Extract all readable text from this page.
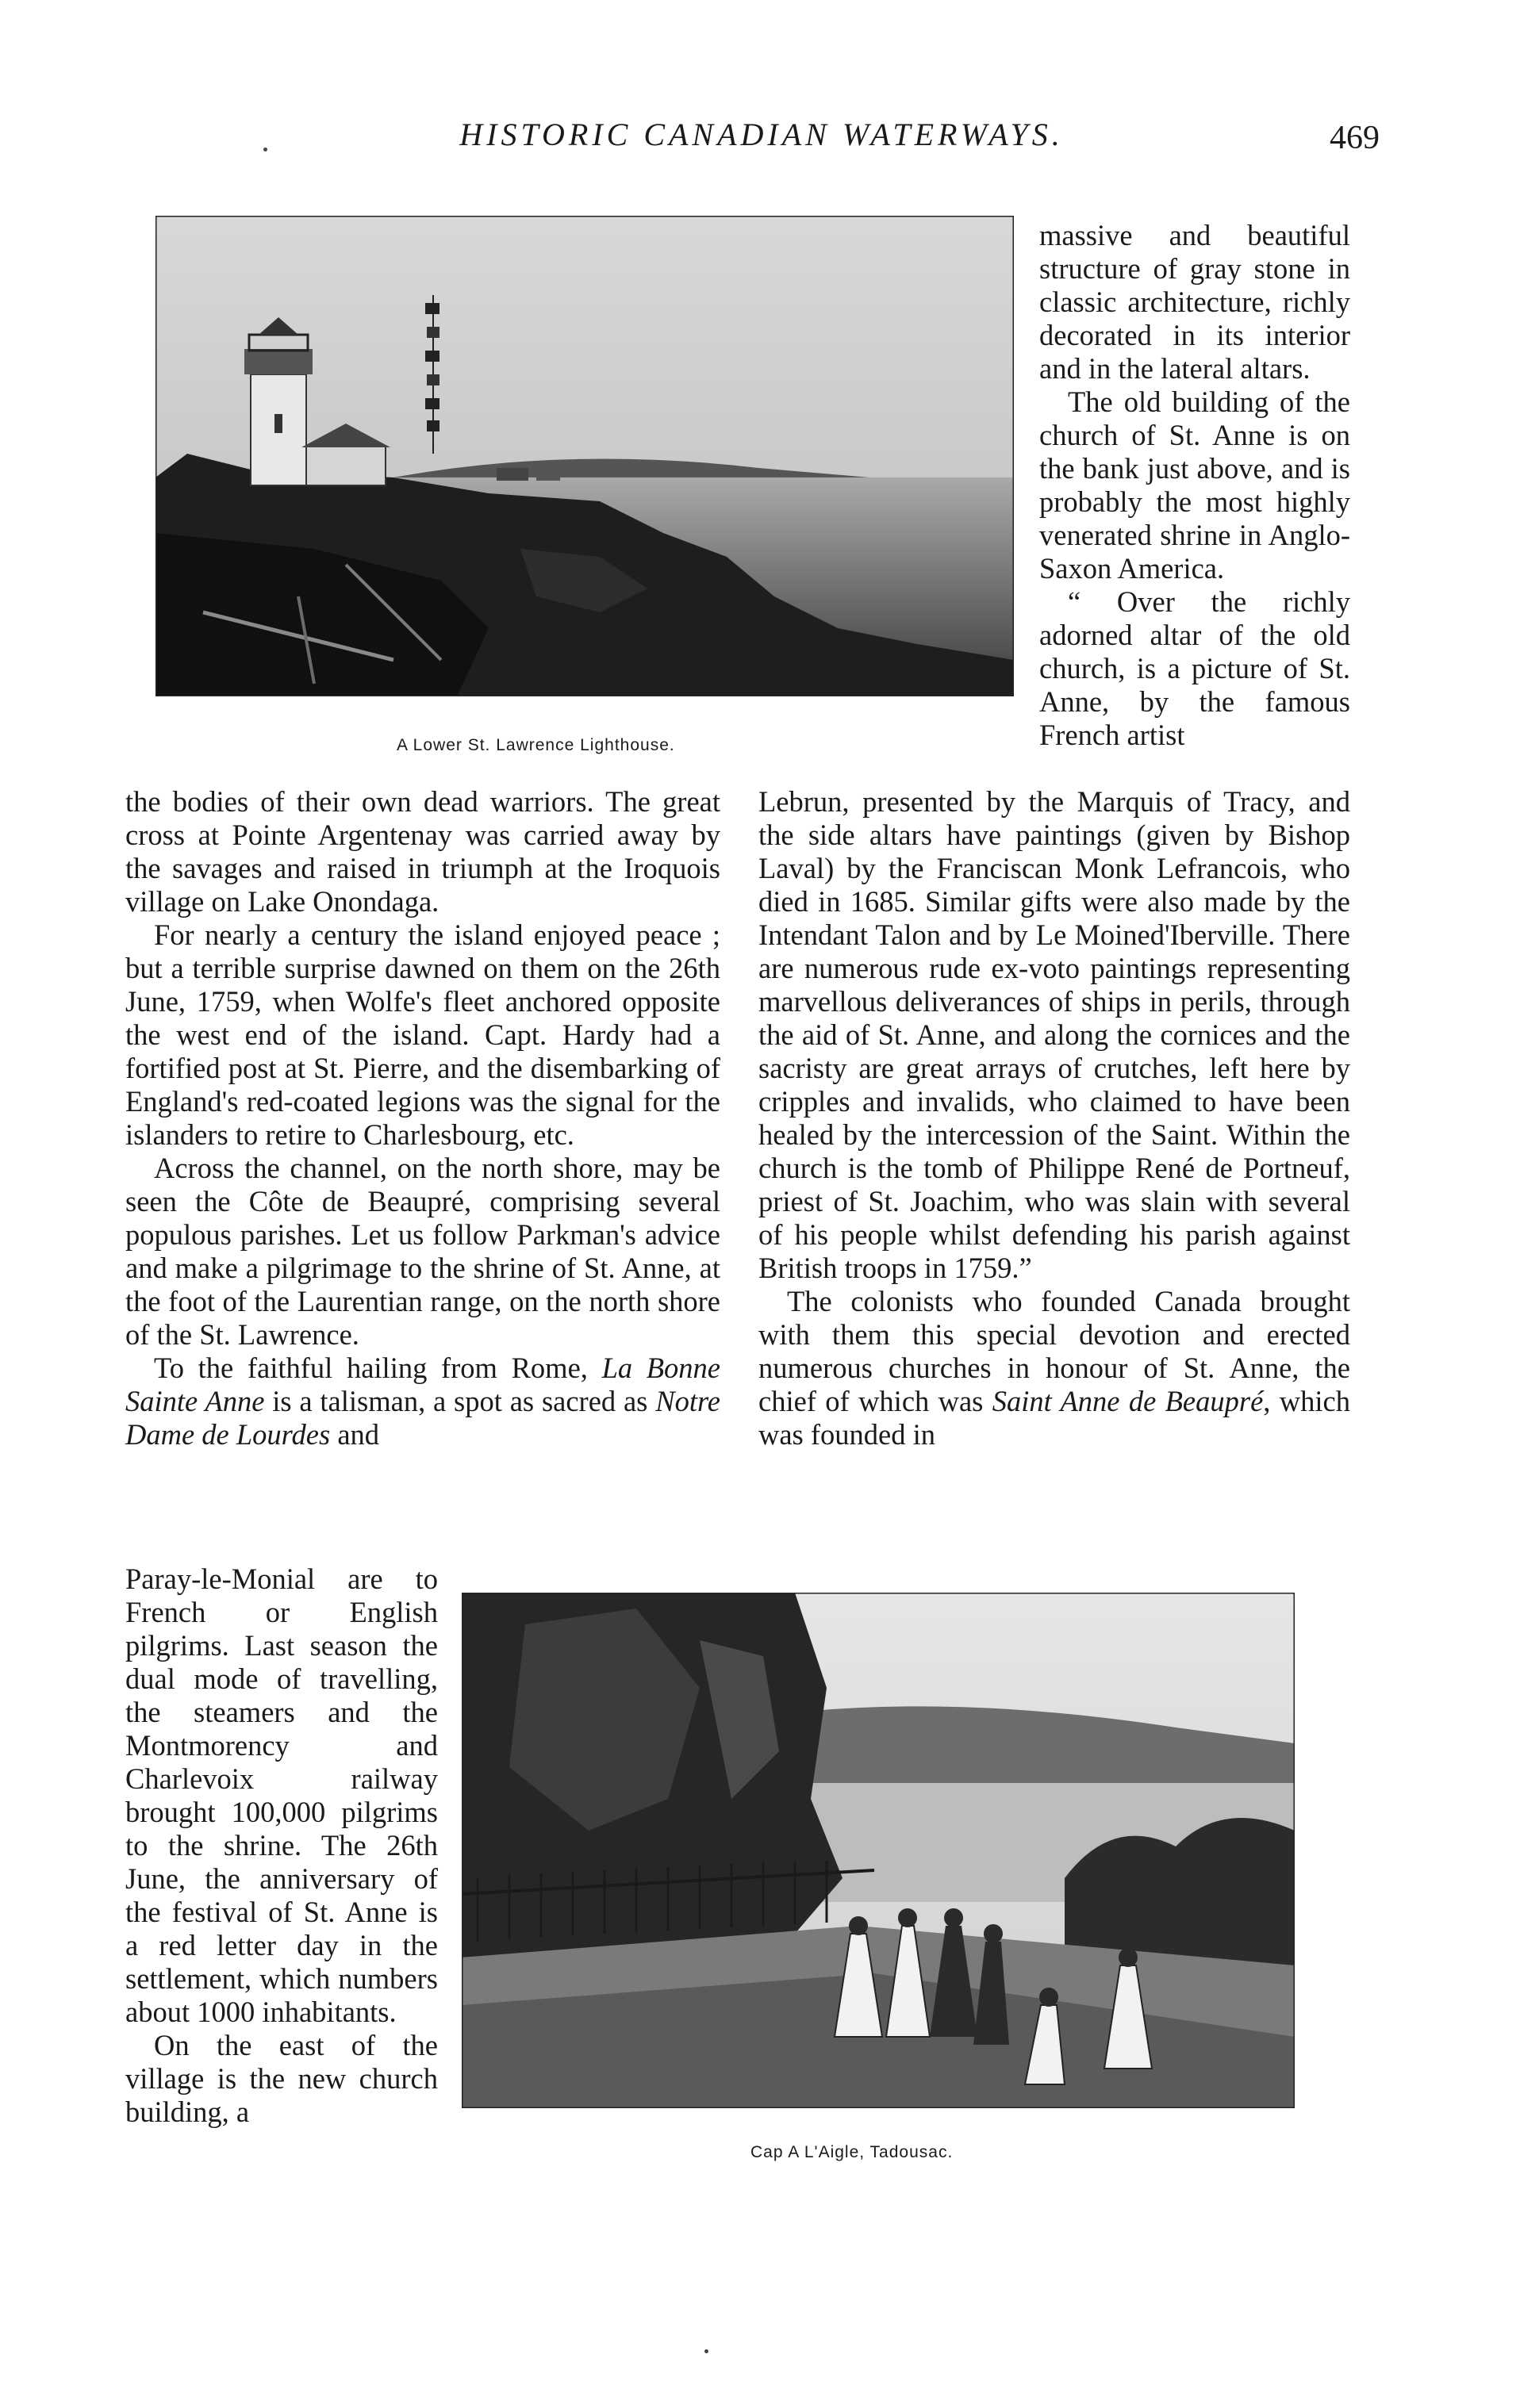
HISTORIC CANADIAN WATERWAYS.	469
A Lower St. Lawrence Lighthouse.

massive and beautiful structure of gray stone in classic architecture, richly decorated in its interior and in the lateral altars.

The old building of the church of St. Anne is on the bank just above, and is probably the most highly venerated shrine in Anglo-Saxon America.

“ Over the richly adorned altar of the old church, is a picture of St. Anne, by the famous French artist

the bodies of their own dead warriors. The great cross at Pointe Argentenay was carried away by the savages and raised in triumph at the Iroquois village on Lake Onondaga.

For nearly a century the island enjoyed peace ; but a terrible surprise dawned on them on the 26th June, 1759, when Wolfe's fleet anchored opposite the west end of the island. Capt. Hardy had a fortified post at St. Pierre, and the disembarking of England's red-coated legions was the signal for the islanders to retire to Charlesbourg, etc.

Across the channel, on the north shore, may be seen the Côte de Beaupré, comprising several populous parishes. Let us follow Parkman's advice and make a pilgrimage to the shrine of St. Anne, at the foot of the Laurentian range, on the north shore of the St. Lawrence.

To the faithful hailing from Rome, La Bonne Sainte Anne is a talisman, a spot as sacred as Notre Dame de Lourdes and

Lebrun, presented by the Marquis of Tracy, and the side altars have paintings (given by Bishop Laval) by the Franciscan Monk Lefrancois, who died in 1685. Similar gifts were also made by the Intendant Talon and by Le Moined'Iberville. There are numerous rude ex-voto paintings representing marvellous deliverances of ships in perils, through the aid of St. Anne, and along the cornices and the sacristy are great arrays of crutches, left here by cripples and invalids, who claimed to have been healed by the intercession of the Saint. Within the church is the tomb of Philippe René de Portneuf, priest of St. Joachim, who was slain with several of his people whilst defending his parish against British troops in 1759.”

The colonists who founded Canada brought with them this special devotion and erected numerous churches in honour of St. Anne, the chief of which was Saint Anne de Beaupré, which was founded in

Paray-le-Monial are to French or English pilgrims. Last season the dual mode of travelling, the steamers and the Montmorency and Charlevoix railway brought 100,000 pilgrims to the shrine. The 26th June, the anniversary of the festival of St. Anne is a red letter day in the settlement, which numbers about 1000 inhabitants.

On the east of the village is the new church building, a

Cap A L'Aigle, Tadousac.
